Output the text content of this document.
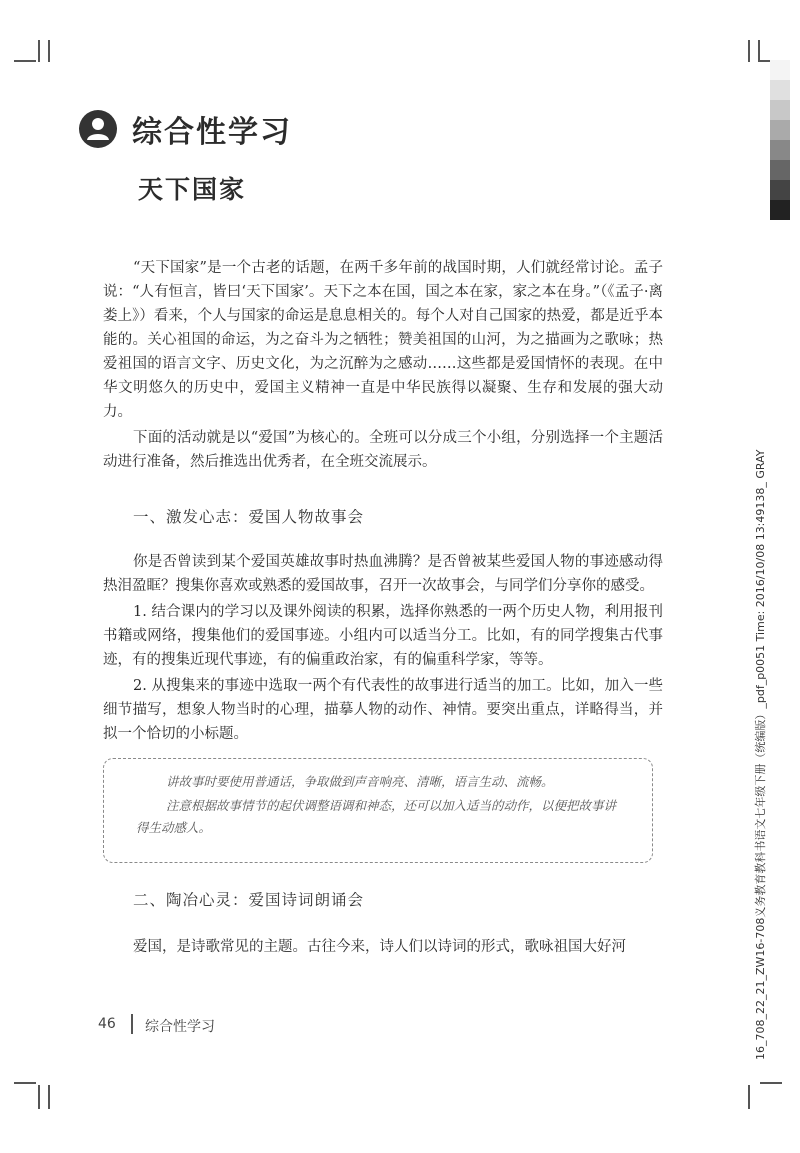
综合性学习
天下国家

“天下国家”是一个古老的话题，在两千多年前的战国时期，人们就经常讨论。孟子说：“人有恒言，皆曰‘天下国家’。天下之本在国，国之本在家，家之本在身。”（《孟子·离娄上》）看来，个人与国家的命运是息息相关的。每个人对自己国家的热爱，都是近乎本能的。关心祖国的命运，为之奋斗为之牺牲；赞美祖国的山河，为之描画为之歌咏；热爱祖国的语言文字、历史文化，为之沉醉为之感动……这些都是爱国情怀的表现。在中华文明悠久的历史中，爱国主义精神一直是中华民族得以凝聚、生存和发展的强大动力。

下面的活动就是以“爱国”为核心的。全班可以分成三个小组，分别选择一个主题活动进行准备，然后推选出优秀者，在全班交流展示。

一、激发心志：爱国人物故事会

你是否曾读到某个爱国英雄故事时热血沸腾？是否曾被某些爱国人物的事迹感动得热泪盈眶？搜集你喜欢或熟悉的爱国故事，召开一次故事会，与同学们分享你的感受。

1. 结合课内的学习以及课外阅读的积累，选择你熟悉的一两个历史人物，利用报刊书籍或网络，搜集他们的爱国事迹。小组内可以适当分工。比如，有的同学搜集古代事迹，有的搜集近现代事迹，有的偏重政治家，有的偏重科学家，等等。

2. 从搜集来的事迹中选取一两个有代表性的故事进行适当的加工。比如，加入一些细节描写，想象人物当时的心理，描摹人物的动作、神情。要突出重点，详略得当，并拟一个恰切的小标题。

讲故事时要使用普通话，争取做到声音响亮、清晰，语言生动、流畅。

注意根据故事情节的起伏调整语调和神态，还可以加入适当的动作，以便把故事讲得生动感人。

二、陶冶心灵：爱国诗词朗诵会

爱国，是诗歌常见的主题。古往今来，诗人们以诗词的形式，歌咏祖国大好河

46 综合性学习	16_708_22_21_ZW16-708义务教育教科书语文七年级下册（统编版）_pdf_p0051 Time: 2016/10/08 13:49138_ GRAY
